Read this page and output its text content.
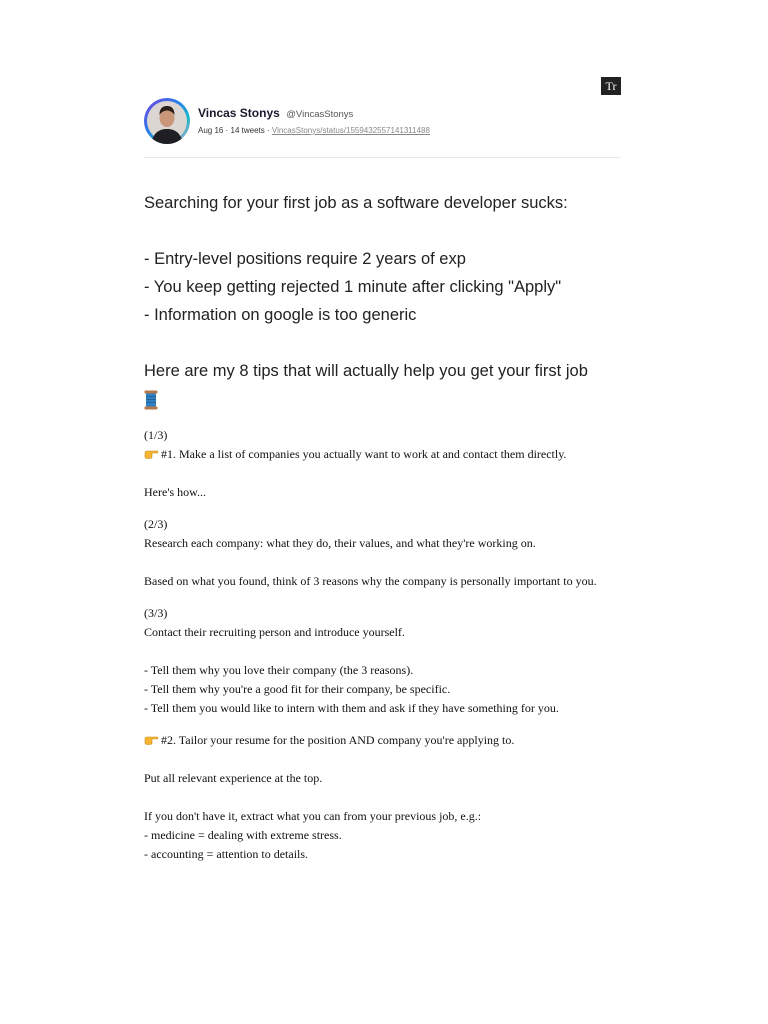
Tr
Vincas Stonys @VincasStonys
Aug 16 · 14 tweets · VincasStonys/status/1559432557141311488
Searching for your first job as a software developer sucks:
- Entry-level positions require 2 years of exp
- You keep getting rejected 1 minute after clicking "Apply"
- Information on google is too generic
Here are my 8 tips that will actually help you get your first job
(1/3)
#1. Make a list of companies you actually want to work at and contact them directly.
Here's how...
(2/3)
Research each company: what they do, their values, and what they're working on.
Based on what you found, think of 3 reasons why the company is personally important to you.
(3/3)
Contact their recruiting person and introduce yourself.
- Tell them why you love their company (the 3 reasons).
- Tell them why you're a good fit for their company, be specific.
- Tell them you would like to intern with them and ask if they have something for you.
#2. Tailor your resume for the position AND company you're applying to.
Put all relevant experience at the top.
If you don't have it, extract what you can from your previous job, e.g.:
- medicine = dealing with extreme stress.
- accounting = attention to details.
